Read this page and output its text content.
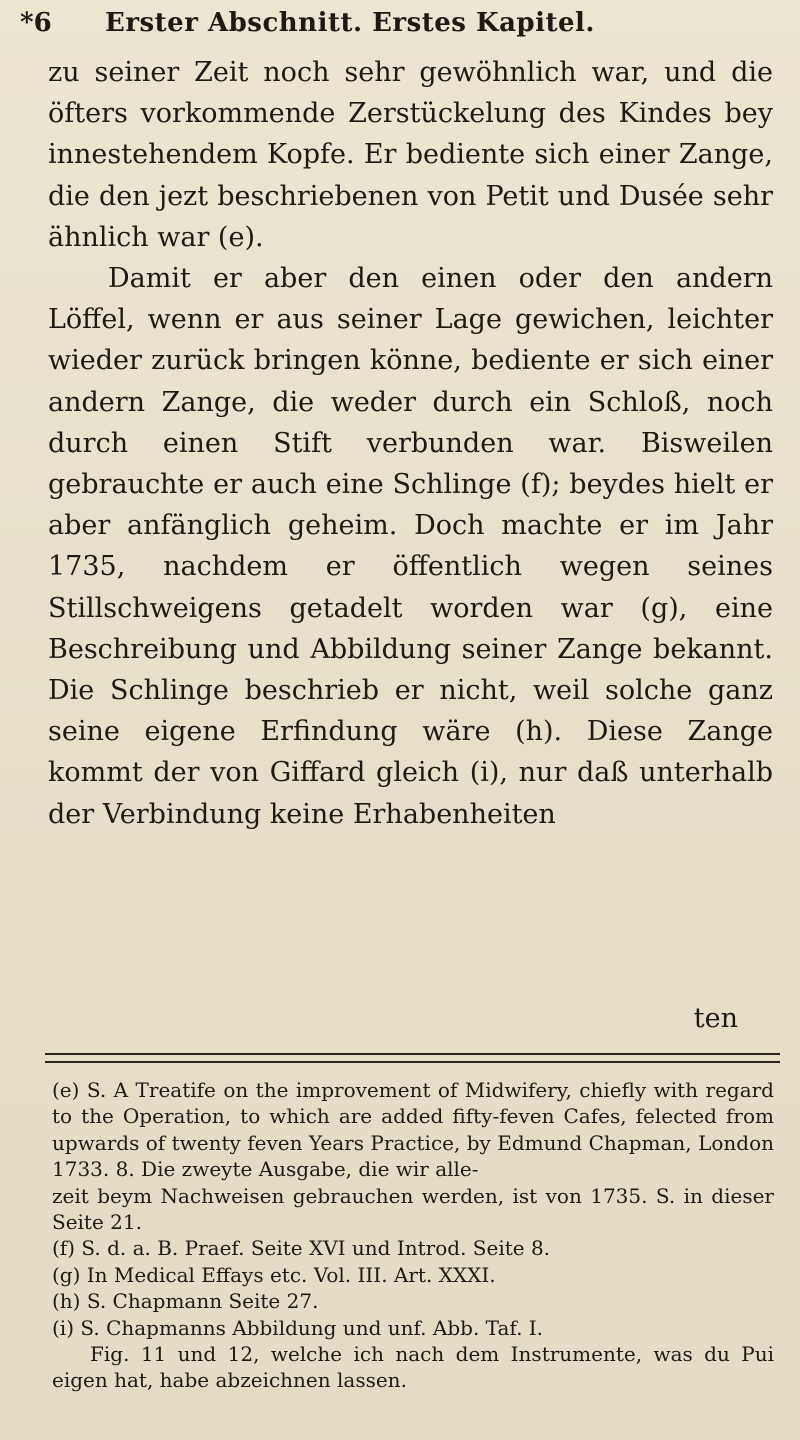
*6 Erster Abschnitt. Erstes Kapitel.

zu seiner Zeit noch sehr gewöhnlich war, und die öfters vorkommende Zerstückelung des Kindes bey innestehendem Kopfe. Er bediente sich einer Zange, die den jezt beschriebenen von Petit und Dusée sehr ähnlich war (e).

Damit er aber den einen oder den andern Löffel, wenn er aus seiner Lage gewichen, leichter wieder zurück bringen könne, bediente er sich einer andern Zange, die weder durch ein Schloß, noch durch einen Stift verbunden war. Bisweilen gebrauchte er auch eine Schlinge (f); beydes hielt er aber anfänglich geheim. Doch machte er im Jahr 1735, nachdem er öffentlich wegen seines Stillschweigens getadelt worden war (g), eine Beschreibung und Abbildung seiner Zange bekannt. Die Schlinge beschrieb er nicht, weil solche ganz seine eigene Erfindung wäre (h). Diese Zange kommt der von Giffard gleich (i), nur daß unterhalb der Verbindung keine Erhabenheiten

ten

(e) S. A Treatife on the improvement of Midwifery, chiefly with regard to the Operation, to which are added fifty-feven Cafes, felected from upwards of twenty feven Years Practice, by Edmund Chapman, London 1733. 8. Die zweyte Ausgabe, die wir alle-

zeit beym Nachweisen gebrauchen werden, ist von 1735. S. in dieser Seite 21.

(f) S. d. a. B. Praef. Seite XVI und Introd. Seite 8.

(g) In Medical Effays etc. Vol. III. Art. XXXI.

(h) S. Chapmann Seite 27.

(i) S. Chapmanns Abbildung und unf. Abb. Taf. I.

Fig. 11 und 12, welche ich nach dem Instrumente, was du Pui eigen hat, habe abzeichnen lassen.
